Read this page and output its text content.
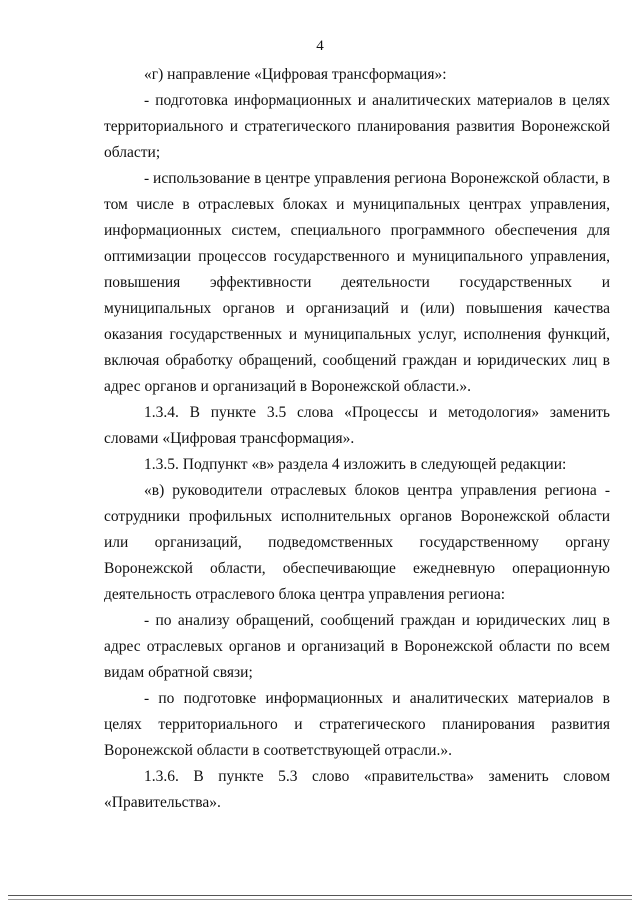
4

«г) направление «Цифровая трансформация»:

- подготовка информационных и аналитических материалов в целях территориального и стратегического планирования развития Воронежской области;

- использование в центре управления региона Воронежской области, в том числе в отраслевых блоках и муниципальных центрах управления, информационных систем, специального программного обеспечения для оптимизации процессов государственного и муниципального управления, повышения эффективности деятельности государственных и муниципальных органов и организаций и (или) повышения качества оказания государственных и муниципальных услуг, исполнения функций, включая обработку обращений, сообщений граждан и юридических лиц в адрес органов и организаций в Воронежской области.».

1.3.4. В пункте 3.5 слова «Процессы и методология» заменить словами «Цифровая трансформация».

1.3.5. Подпункт «в» раздела 4 изложить в следующей редакции:

«в) руководители отраслевых блоков центра управления региона - сотрудники профильных исполнительных органов Воронежской области или организаций, подведомственных государственному органу Воронежской области, обеспечивающие ежедневную операционную деятельность отраслевого блока центра управления региона:

- по анализу обращений, сообщений граждан и юридических лиц в адрес отраслевых органов и организаций в Воронежской области по всем видам обратной связи;

- по подготовке информационных и аналитических материалов в целях территориального и стратегического планирования развития Воронежской области в соответствующей отрасли.».

1.3.6. В пункте 5.3 слово «правительства» заменить словом «Правительства».
